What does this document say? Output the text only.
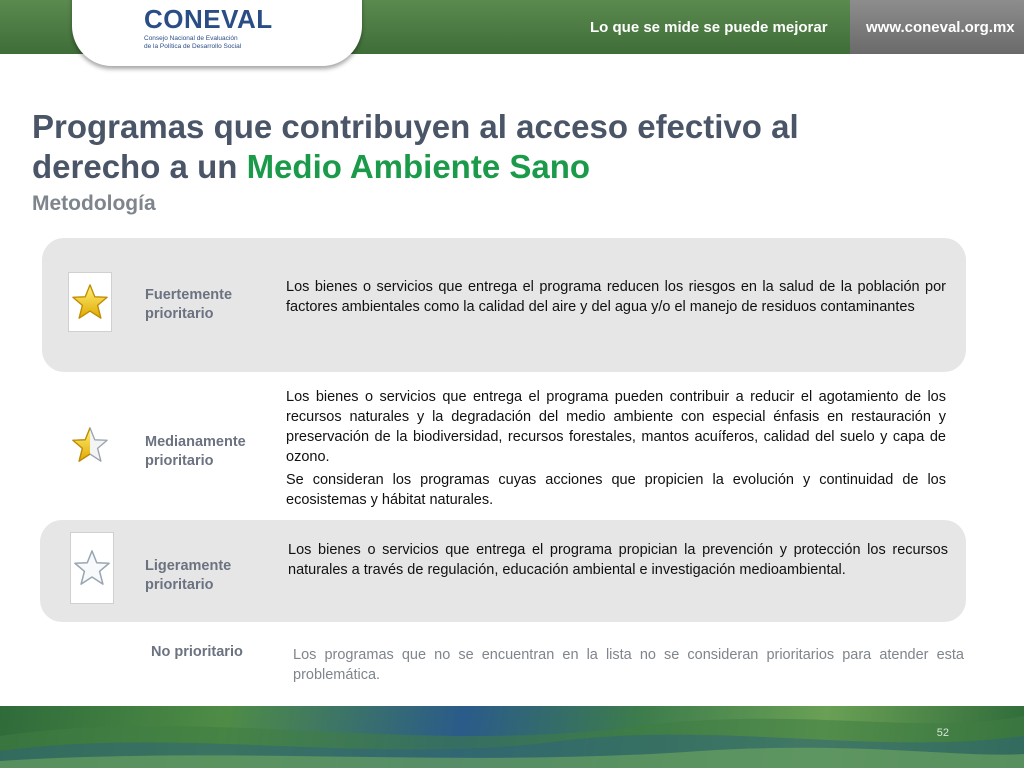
CONEVAL
Consejo Nacional de Evaluación
de la Política de Desarrollo Social
Lo que se mide se puede mejorar	www.coneval.org.mx
Programas que contribuyen al acceso efectivo al derecho a un Medio Ambiente Sano
Metodología
Fuertemente prioritario

Los bienes o servicios que entrega el programa reducen los riesgos en la salud de la población por factores ambientales como la calidad del aire y del agua y/o el manejo de residuos contaminantes

Medianamente prioritario

Los bienes o servicios que entrega el programa pueden contribuir a reducir el agotamiento de los recursos naturales y la degradación del medio ambiente con especial énfasis en restauración y preservación de la biodiversidad, recursos forestales, mantos acuíferos, calidad del suelo y capa de ozono.

Se consideran los programas cuyas acciones que propicien la evolución y continuidad de los ecosistemas y hábitat naturales.

Ligeramente prioritario

Los bienes o servicios que entrega el programa propician la prevención y protección los recursos naturales a través de regulación, educación ambiental e investigación medioambiental.

No prioritario	Los programas que no se encuentran en la lista no se consideran prioritarios para atender esta problemática.

52
